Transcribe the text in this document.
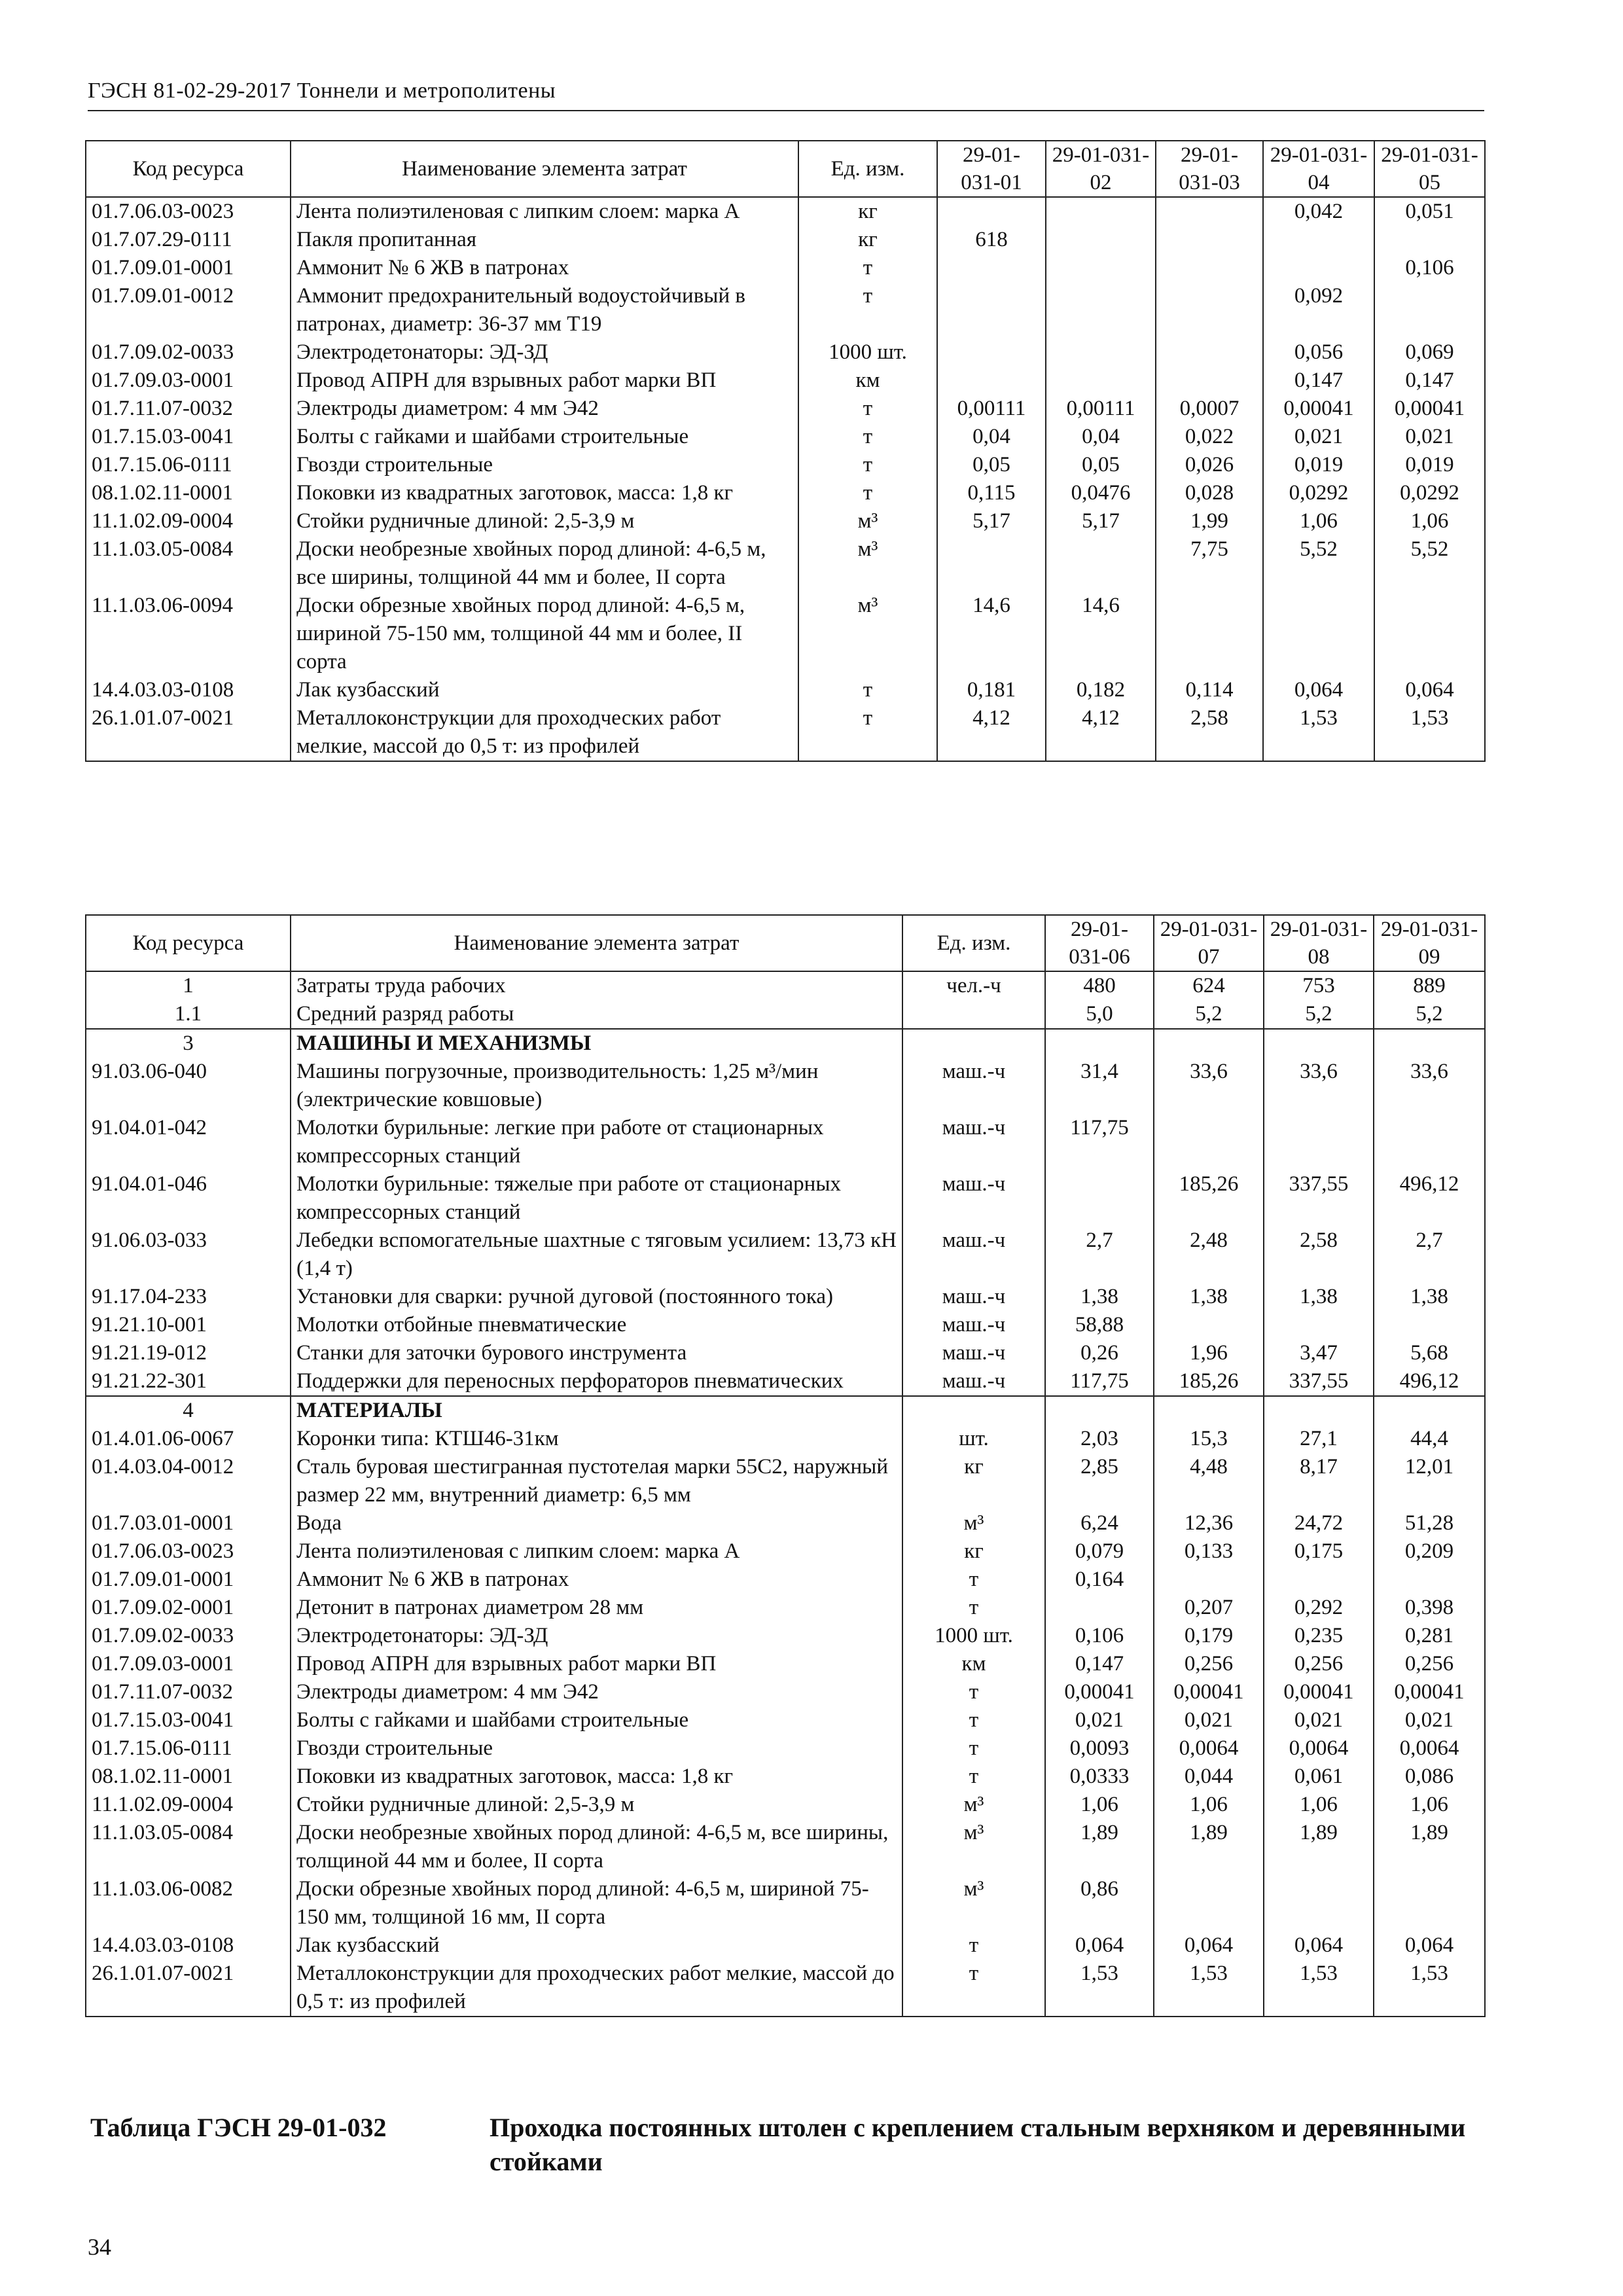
ГЭСН 81-02-29-2017 Тоннели и метрополитены
Код ресурса	Наименование элемента затрат	Ед. изм.	29-01-031-01	29-01-031-02	29-01-031-03	29-01-031-04	29-01-031-05
01.7.06.03-0023	Лента полиэтиленовая с липким слоем: марка А	кг				0,042	0,051
01.7.07.29-0111	Пакля пропитанная	кг	618				
01.7.09.01-0001	Аммонит № 6 ЖВ в патронах	т					0,106
01.7.09.01-0012	Аммонит предохранительный водоустойчивый в патронах, диаметр: 36-37 мм Т19	т				0,092	
01.7.09.02-0033	Электродетонаторы: ЭД-ЗД	1000 шт.				0,056	0,069
01.7.09.03-0001	Провод АПРН для взрывных работ марки ВП	км				0,147	0,147
01.7.11.07-0032	Электроды диаметром: 4 мм Э42	т	0,00111	0,00111	0,0007	0,00041	0,00041
01.7.15.03-0041	Болты с гайками и шайбами строительные	т	0,04	0,04	0,022	0,021	0,021
01.7.15.06-0111	Гвозди строительные	т	0,05	0,05	0,026	0,019	0,019
08.1.02.11-0001	Поковки из квадратных заготовок, масса: 1,8 кг	т	0,115	0,0476	0,028	0,0292	0,0292
11.1.02.09-0004	Стойки рудничные длиной: 2,5-3,9 м	м³	5,17	5,17	1,99	1,06	1,06
11.1.03.05-0084	Доски необрезные хвойных пород длиной: 4-6,5 м, все ширины, толщиной 44 мм и более, II сорта	м³			7,75	5,52	5,52
11.1.03.06-0094	Доски обрезные хвойных пород длиной: 4-6,5 м, шириной 75-150 мм, толщиной 44 мм и более, II сорта	м³	14,6	14,6			
14.4.03.03-0108	Лак кузбасский	т	0,181	0,182	0,114	0,064	0,064
26.1.01.07-0021	Металлоконструкции для проходческих работ мелкие, массой до 0,5 т: из профилей	т	4,12	4,12	2,58	1,53	1,53
Код ресурса	Наименование элемента затрат	Ед. изм.	29-01-031-06	29-01-031-07	29-01-031-08	29-01-031-09
1	Затраты труда рабочих	чел.-ч	480	624	753	889
1.1	Средний разряд работы		5,0	5,2	5,2	5,2
3	МАШИНЫ И МЕХАНИЗМЫ					
91.03.06-040	Машины погрузочные, производительность: 1,25 м³/мин (электрические ковшовые)	маш.-ч	31,4	33,6	33,6	33,6
91.04.01-042	Молотки бурильные: легкие при работе от стационарных компрессорных станций	маш.-ч	117,75			
91.04.01-046	Молотки бурильные: тяжелые при работе от стационарных компрессорных станций	маш.-ч		185,26	337,55	496,12
91.06.03-033	Лебедки вспомогательные шахтные с тяговым усилием: 13,73 кН (1,4 т)	маш.-ч	2,7	2,48	2,58	2,7
91.17.04-233	Установки для сварки: ручной дуговой (постоянного тока)	маш.-ч	1,38	1,38	1,38	1,38
91.21.10-001	Молотки отбойные пневматические	маш.-ч	58,88			
91.21.19-012	Станки для заточки бурового инструмента	маш.-ч	0,26	1,96	3,47	5,68
91.21.22-301	Поддержки для переносных перфораторов пневматических	маш.-ч	117,75	185,26	337,55	496,12
4	МАТЕРИАЛЫ					
01.4.01.06-0067	Коронки типа: КТШ46-31км	шт.	2,03	15,3	27,1	44,4
01.4.03.04-0012	Сталь буровая шестигранная пустотелая марки 55С2, наружный размер 22 мм, внутренний диаметр: 6,5 мм	кг	2,85	4,48	8,17	12,01
01.7.03.01-0001	Вода	м³	6,24	12,36	24,72	51,28
01.7.06.03-0023	Лента полиэтиленовая с липким слоем: марка А	кг	0,079	0,133	0,175	0,209
01.7.09.01-0001	Аммонит № 6 ЖВ в патронах	т	0,164			
01.7.09.02-0001	Детонит в патронах диаметром 28 мм	т		0,207	0,292	0,398
01.7.09.02-0033	Электродетонаторы: ЭД-ЗД	1000 шт.	0,106	0,179	0,235	0,281
01.7.09.03-0001	Провод АПРН для взрывных работ марки ВП	км	0,147	0,256	0,256	0,256
01.7.11.07-0032	Электроды диаметром: 4 мм Э42	т	0,00041	0,00041	0,00041	0,00041
01.7.15.03-0041	Болты с гайками и шайбами строительные	т	0,021	0,021	0,021	0,021
01.7.15.06-0111	Гвозди строительные	т	0,0093	0,0064	0,0064	0,0064
08.1.02.11-0001	Поковки из квадратных заготовок, масса: 1,8 кг	т	0,0333	0,044	0,061	0,086
11.1.02.09-0004	Стойки рудничные длиной: 2,5-3,9 м	м³	1,06	1,06	1,06	1,06
11.1.03.05-0084	Доски необрезные хвойных пород длиной: 4-6,5 м, все ширины, толщиной 44 мм и более, II сорта	м³	1,89	1,89	1,89	1,89
11.1.03.06-0082	Доски обрезные хвойных пород длиной: 4-6,5 м, шириной 75-150 мм, толщиной 16 мм, II сорта	м³	0,86			
14.4.03.03-0108	Лак кузбасский	т	0,064	0,064	0,064	0,064
26.1.01.07-0021	Металлоконструкции для проходческих работ мелкие, массой до 0,5 т: из профилей	т	1,53	1,53	1,53	1,53
Таблица ГЭСН 29-01-032	Проходка постоянных штолен с креплением стальным верхняком и деревянными стойками
34
